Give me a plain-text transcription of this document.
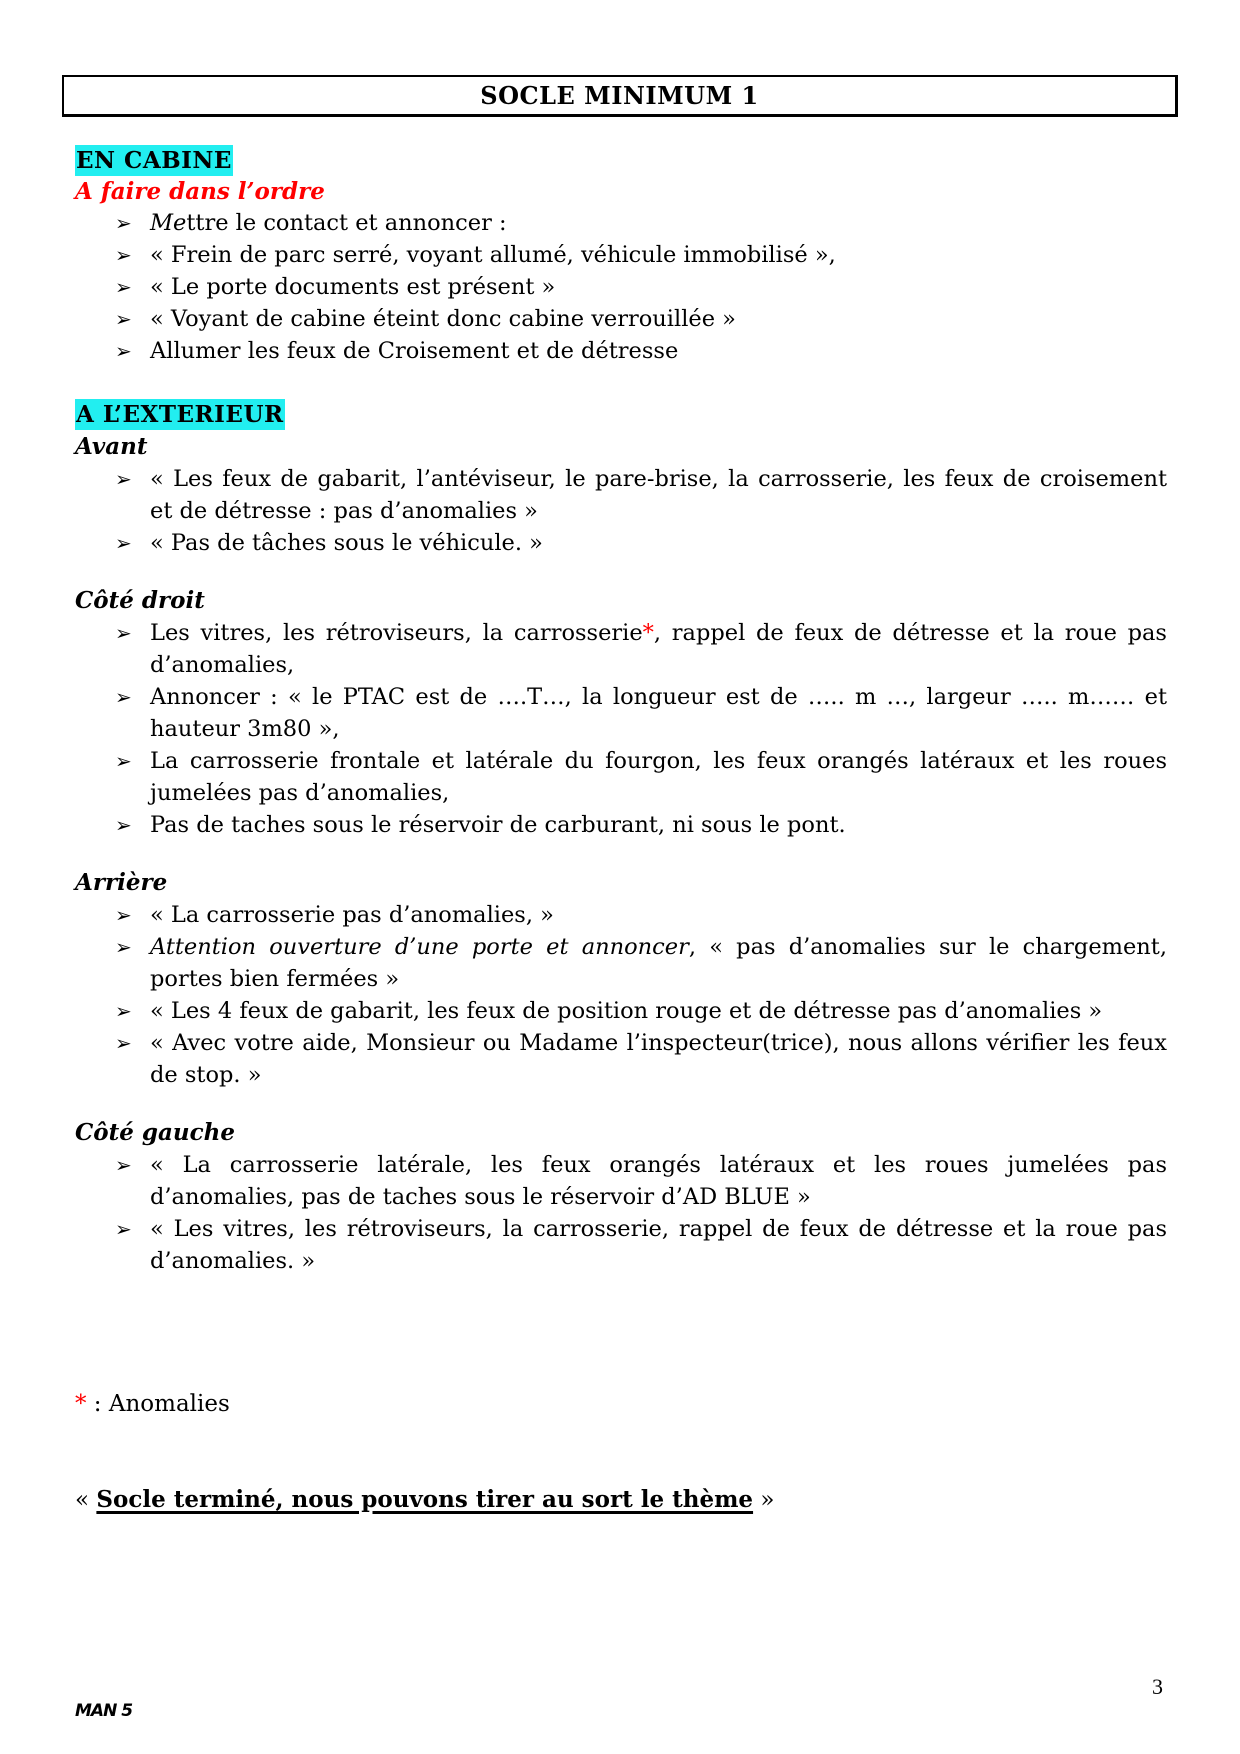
SOCLE MINIMUM 1
EN CABINE
A faire dans l’ordre
➢ Mettre le contact et annoncer :
➢ « Frein de parc serré, voyant allumé, véhicule immobilisé »,
➢ « Le porte documents est présent »
➢ « Voyant de cabine éteint donc cabine verrouillée »
➢ Allumer les feux de Croisement et de détresse
A L’EXTERIEUR
Avant
➢ « Les feux de gabarit, l’antéviseur, le pare-brise, la carrosserie, les feux de croisement et de détresse : pas d’anomalies »
➢ « Pas de tâches sous le véhicule. »
Côté droit
➢ Les vitres, les rétroviseurs, la carrosserie*, rappel de feux de détresse et la roue pas d’anomalies,
➢ Annoncer : « le PTAC est de ….T…, la longueur est de ….. m …, largeur ….. m…… et hauteur 3m80 »,
➢ La carrosserie frontale et latérale du fourgon, les feux orangés latéraux et les roues jumelées pas d’anomalies,
➢ Pas de taches sous le réservoir de carburant, ni sous le pont.
Arrière
➢ « La carrosserie pas d’anomalies, »
➢ Attention ouverture d’une porte et annoncer, « pas d’anomalies sur le chargement, portes bien fermées »
➢ « Les 4 feux de gabarit, les feux de position rouge et de détresse pas d’anomalies »
➢ « Avec votre aide, Monsieur ou Madame l’inspecteur(trice), nous allons vérifier les feux de stop. »
Côté gauche
➢ « La carrosserie latérale, les feux orangés latéraux et les roues jumelées pas d’anomalies, pas de taches sous le réservoir d’AD BLUE »
➢ « Les vitres, les rétroviseurs, la carrosserie, rappel de feux de détresse et la roue pas d’anomalies. »
* : Anomalies
« Socle terminé, nous pouvons tirer au sort le thème »
MAN 5
3
